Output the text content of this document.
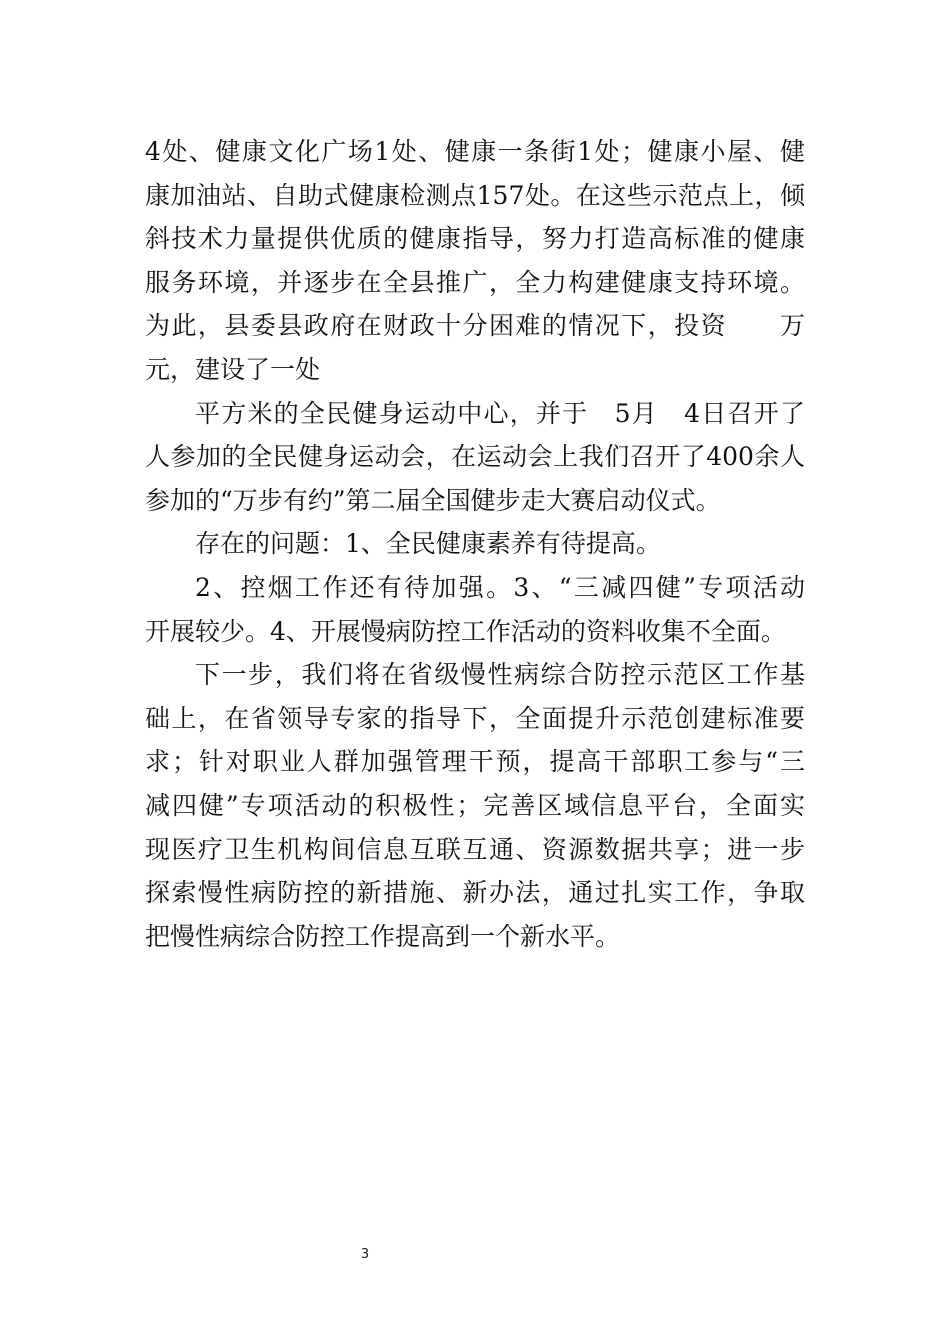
4处、健康文化广场1处、健康一条街1处；健康小屋、健
康加油站、自助式健康检测点157处。在这些示范点上，倾
斜技术力量提供优质的健康指导，努力打造高标准的健康
服务环境，并逐步在全县推广，全力构建健康支持环境。
为此，县委县政府在财政十分困难的情况下，投资　　万
元，建设了一处
平方米的全民健身运动中心，并于　5月　4日召开了
人参加的全民健身运动会，在运动会上我们召开了400余人
参加的“万步有约”第二届全国健步走大赛启动仪式。
存在的问题：1、全民健康素养有待提高。
2、控烟工作还有待加强。3、“三减四健”专项活动
开展较少。4、开展慢病防控工作活动的资料收集不全面。
下一步，我们将在省级慢性病综合防控示范区工作基
础上，在省领导专家的指导下，全面提升示范创建标准要
求；针对职业人群加强管理干预，提高干部职工参与“三
减四健”专项活动的积极性；完善区域信息平台，全面实
现医疗卫生机构间信息互联互通、资源数据共享；进一步
探索慢性病防控的新措施、新办法，通过扎实工作，争取
把慢性病综合防控工作提高到一个新水平。
3
